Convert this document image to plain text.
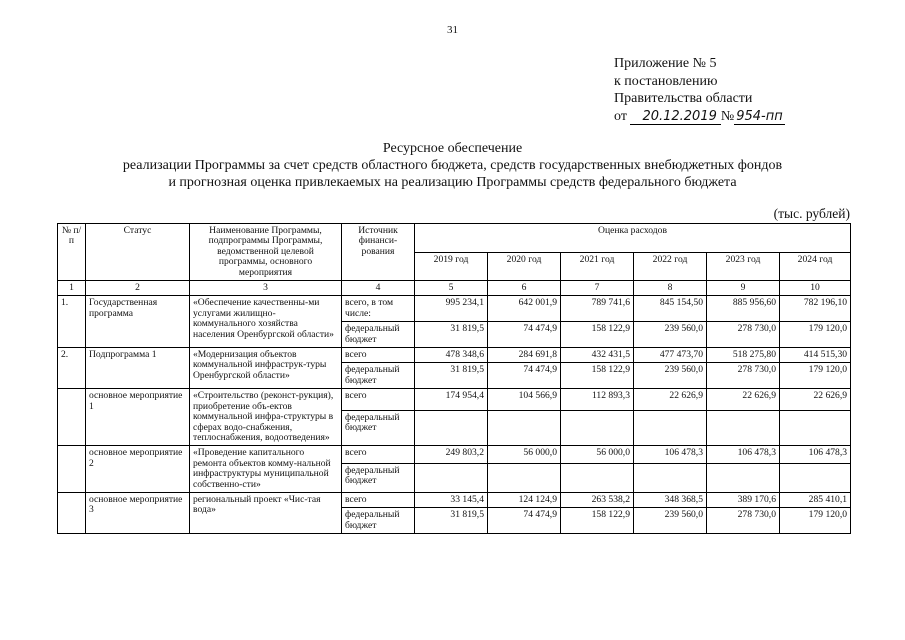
31
Приложение № 5
к постановлению
Правительства области
от 20.12.2019 № 954-пп
Ресурсное обеспечение
реализации Программы за счет средств областного бюджета, средств государственных внебюджетных фондов
и прогнозная оценка привлекаемых на реализацию Программы средств федерального бюджета
(тыс. рублей)
№ п/п	Статус	Наименование Программы, подпрограммы Программы, ведомственной целевой программы, основного мероприятия	Источник финанси-рования	Оценка расходов					
				2019 год	2020 год	2021 год	2022 год	2023 год	2024 год
1	2	3	4	5	6	7	8	9	10
1.	Государственная программа	«Обеспечение качественны-ми услугами жилищно-коммунального хозяйства населения Оренбургской области»	всего, в том числе:	995 234,1	642 001,9	789 741,6	845 154,50	885 956,60	782 196,10
			федеральный бюджет	31 819,5	74 474,9	158 122,9	239 560,0	278 730,0	179 120,0
2.	Подпрограмма 1	«Модернизация объектов коммунальной инфраструк-туры Оренбургской области»	всего	478 348,6	284 691,8	432 431,5	477 473,70	518 275,80	414 515,30
			федеральный бюджет	31 819,5	74 474,9	158 122,9	239 560,0	278 730,0	179 120,0
	основное мероприятие 1	«Строительство (реконст-рукция), приобретение объ-ектов коммунальной инфра-структуры в сферах водо-снабжения, теплоснабжения, водоотведения»	всего	174 954,4	104 566,9	112 893,3	22 626,9	22 626,9	22 626,9
			федеральный бюджет						
	основное мероприятие 2	«Проведение капитального ремонта объектов комму-нальной инфраструктуры муниципальной собственно-сти»	всего	249 803,2	56 000,0	56 000,0	106 478,3	106 478,3	106 478,3
			федеральный бюджет						
	основное мероприятие 3	региональный проект «Чис-тая вода»	всего	33 145,4	124 124,9	263 538,2	348 368,5	389 170,6	285 410,1
			федеральный бюджет	31 819,5	74 474,9	158 122,9	239 560,0	278 730,0	179 120,0
